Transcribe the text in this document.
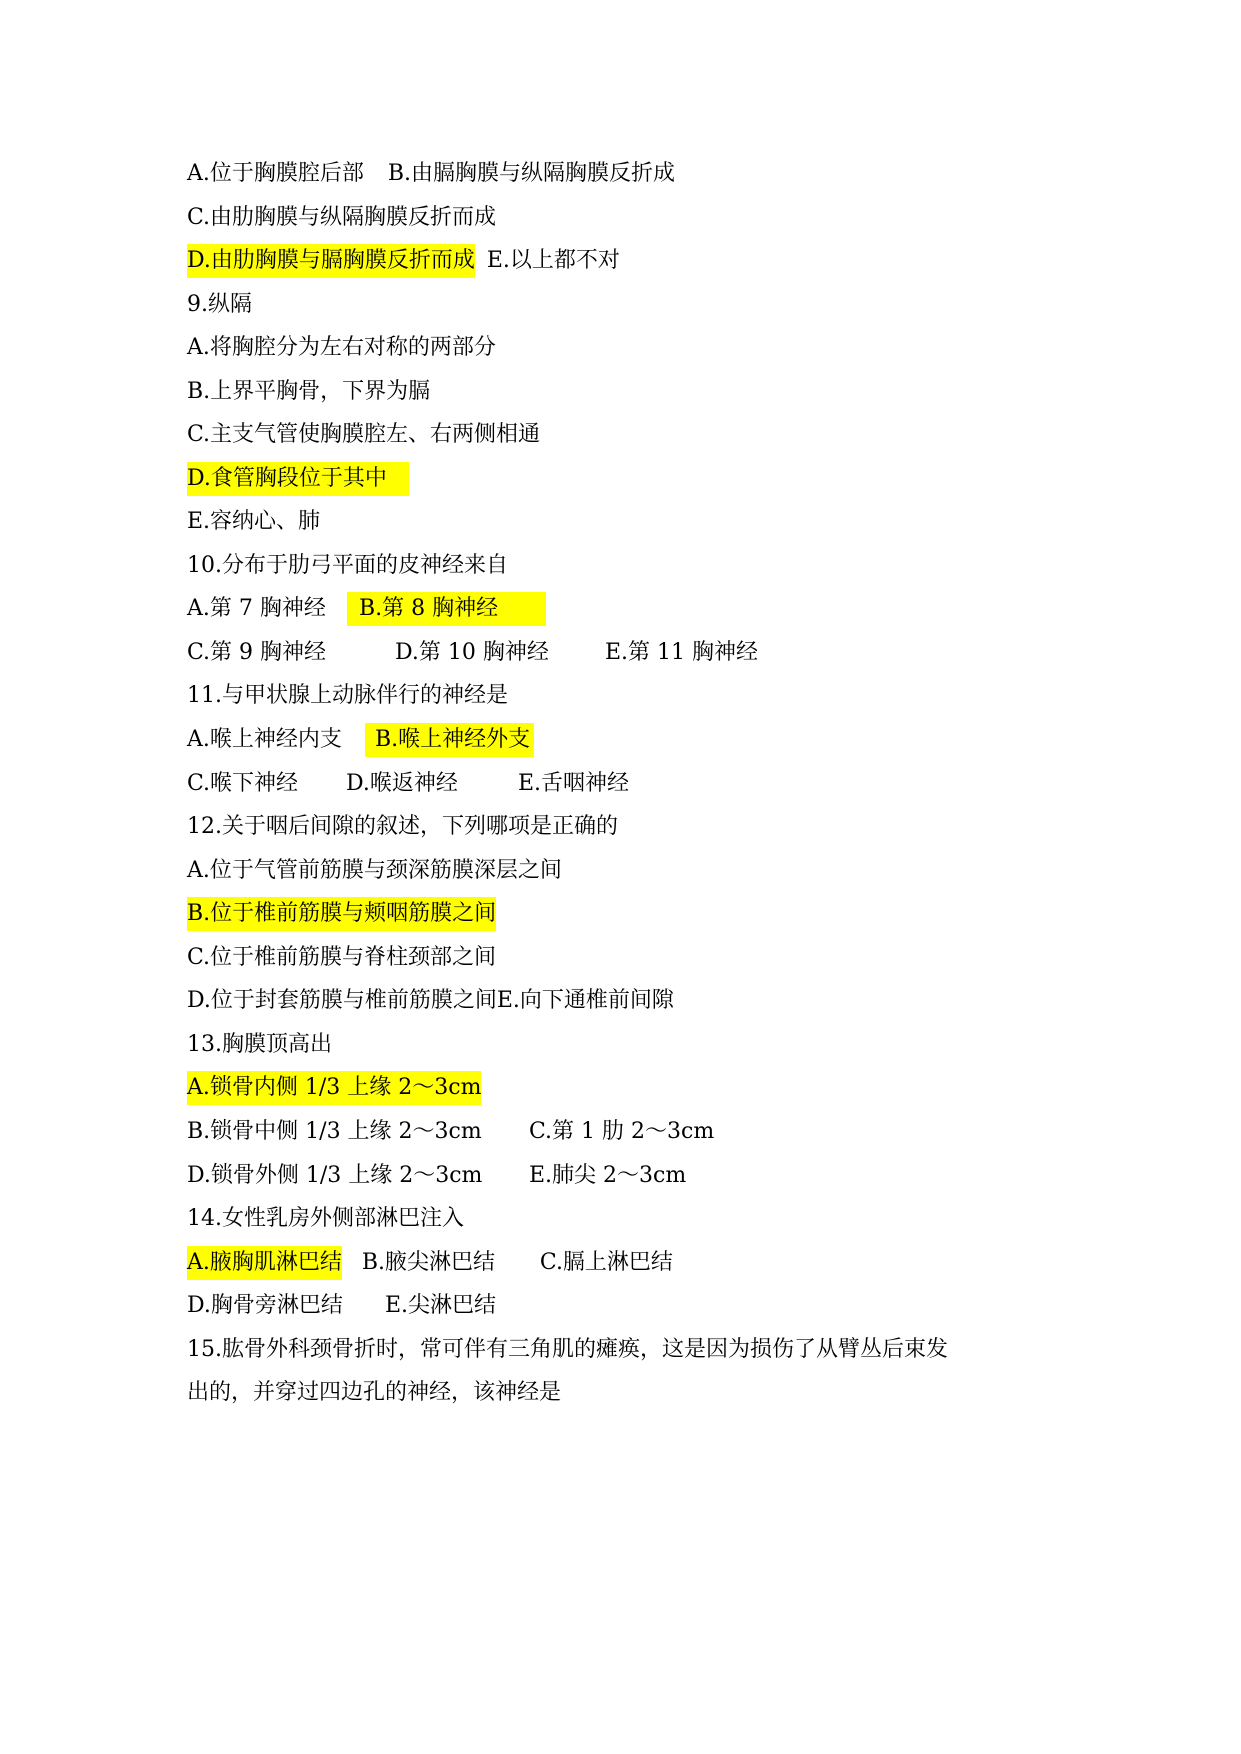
A.位于胸膜腔后部 B.由膈胸膜与纵隔胸膜反折成
C.由肋胸膜与纵隔胸膜反折而成
D.由肋胸膜与膈胸膜反折而成 E.以上都不对
9.纵隔
A.将胸腔分为左右对称的两部分
B.上界平胸骨，下界为膈
C.主支气管使胸膜腔左、右两侧相通
D.食管胸段位于其中
E.容纳心、肺
10.分布于肋弓平面的皮神经来自
A.第 7 胸神经 B.第 8 胸神经
C.第 9 胸神经	D.第 10 胸神经	E.第 11 胸神经
11.与甲状腺上动脉伴行的神经是
A.喉上神经内支 B.喉上神经外支
C.喉下神经 D.喉返神经	E.舌咽神经
12.关于咽后间隙的叙述，下列哪项是正确的
A.位于气管前筋膜与颈深筋膜深层之间
B.位于椎前筋膜与颊咽筋膜之间
C.位于椎前筋膜与脊柱颈部之间
D.位于封套筋膜与椎前筋膜之间E.向下通椎前间隙
13.胸膜顶高出
A.锁骨内侧 1/3 上缘 2～3cm
B.锁骨中侧 1/3 上缘 2～3cm C.第 1 肋 2～3cm
D.锁骨外侧 1/3 上缘 2～3cm E.肺尖 2～3cm
14.女性乳房外侧部淋巴注入
A.腋胸肌淋巴结 B.腋尖淋巴结 C.膈上淋巴结
D.胸骨旁淋巴结 E.尖淋巴结
15.肱骨外科颈骨折时，常可伴有三角肌的瘫痪，这是因为损伤了从臂丛后束发
出的，并穿过四边孔的神经，该神经是
